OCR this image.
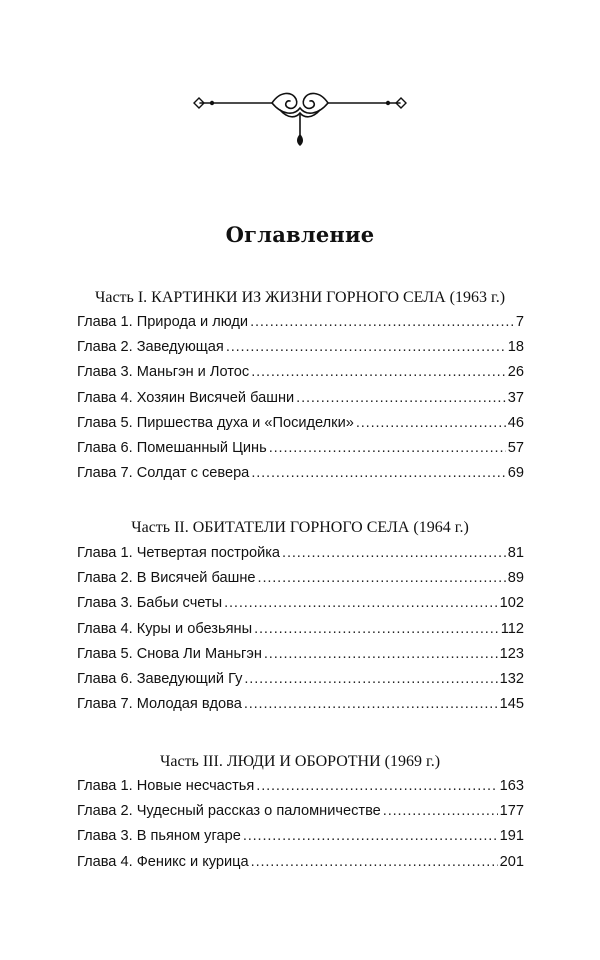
Оглавление
Часть I. КАРТИНКИ ИЗ ЖИЗНИ ГОРНОГО СЕЛА (1963 г.)
Глава 1. Природа и люди . . .	7
Глава 2. Заведующая . . .	18
Глава 3. Маньгэн и Лотос . . .	26
Глава 4. Хозяин Висячей башни . . .	37
Глава 5. Пиршества духа и «Посиделки» . . .	46
Глава 6. Помешанный Цинь . . .	57
Глава 7. Солдат с севера . . .	69
Часть II. ОБИТАТЕЛИ ГОРНОГО СЕЛА (1964 г.)
Глава 1. Четвертая постройка . . .	81
Глава 2. В Висячей башне . . .	89
Глава 3. Бабьи счеты . . .	102
Глава 4. Куры и обезьяны . . .	112
Глава 5. Снова Ли Маньгэн . . .	123
Глава 6. Заведующий Гу . . .	132
Глава 7. Молодая вдова . . .	145
Часть III. ЛЮДИ И ОБОРОТНИ (1969 г.)
Глава 1. Новые несчастья . . .	163
Глава 2. Чудесный рассказ о паломничестве . . .	177
Глава 3. В пьяном угаре . . .	191
Глава 4. Феникс и курица . . .	201
